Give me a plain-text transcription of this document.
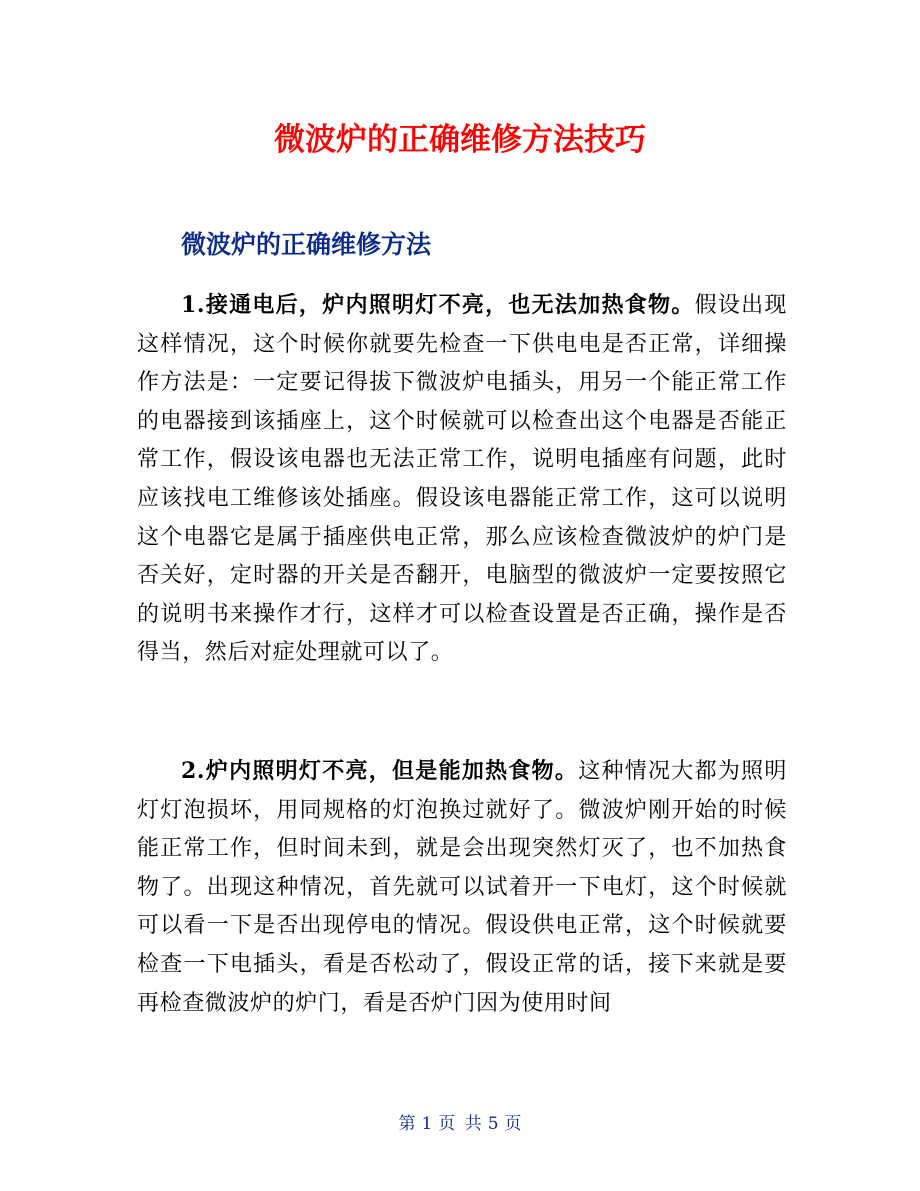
微波炉的正确维修方法技巧
微波炉的正确维修方法
1.接通电后，炉内照明灯不亮，也无法加热食物。假设出现这样情况，这个时候你就要先检查一下供电电是否正常，详细操作方法是：一定要记得拔下微波炉电插头，用另一个能正常工作的电器接到该插座上，这个时候就可以检查出这个电器是否能正常工作，假设该电器也无法正常工作，说明电插座有问题，此时应该找电工维修该处插座。假设该电器能正常工作，这可以说明这个电器它是属于插座供电正常，那么应该检查微波炉的炉门是否关好，定时器的开关是否翻开，电脑型的微波炉一定要按照它的说明书来操作才行，这样才可以检查设置是否正确，操作是否得当，然后对症处理就可以了。
2.炉内照明灯不亮，但是能加热食物。这种情况大都为照明灯灯泡损坏，用同规格的灯泡换过就好了。微波炉刚开始的时候能正常工作，但时间未到，就是会出现突然灯灭了，也不加热食物了。出现这种情况，首先就可以试着开一下电灯，这个时候就可以看一下是否出现停电的情况。假设供电正常，这个时候就要检查一下电插头，看是否松动了，假设正常的话，接下来就是要再检查微波炉的炉门，看是否炉门因为使用时间
第 1 页 共 5 页
